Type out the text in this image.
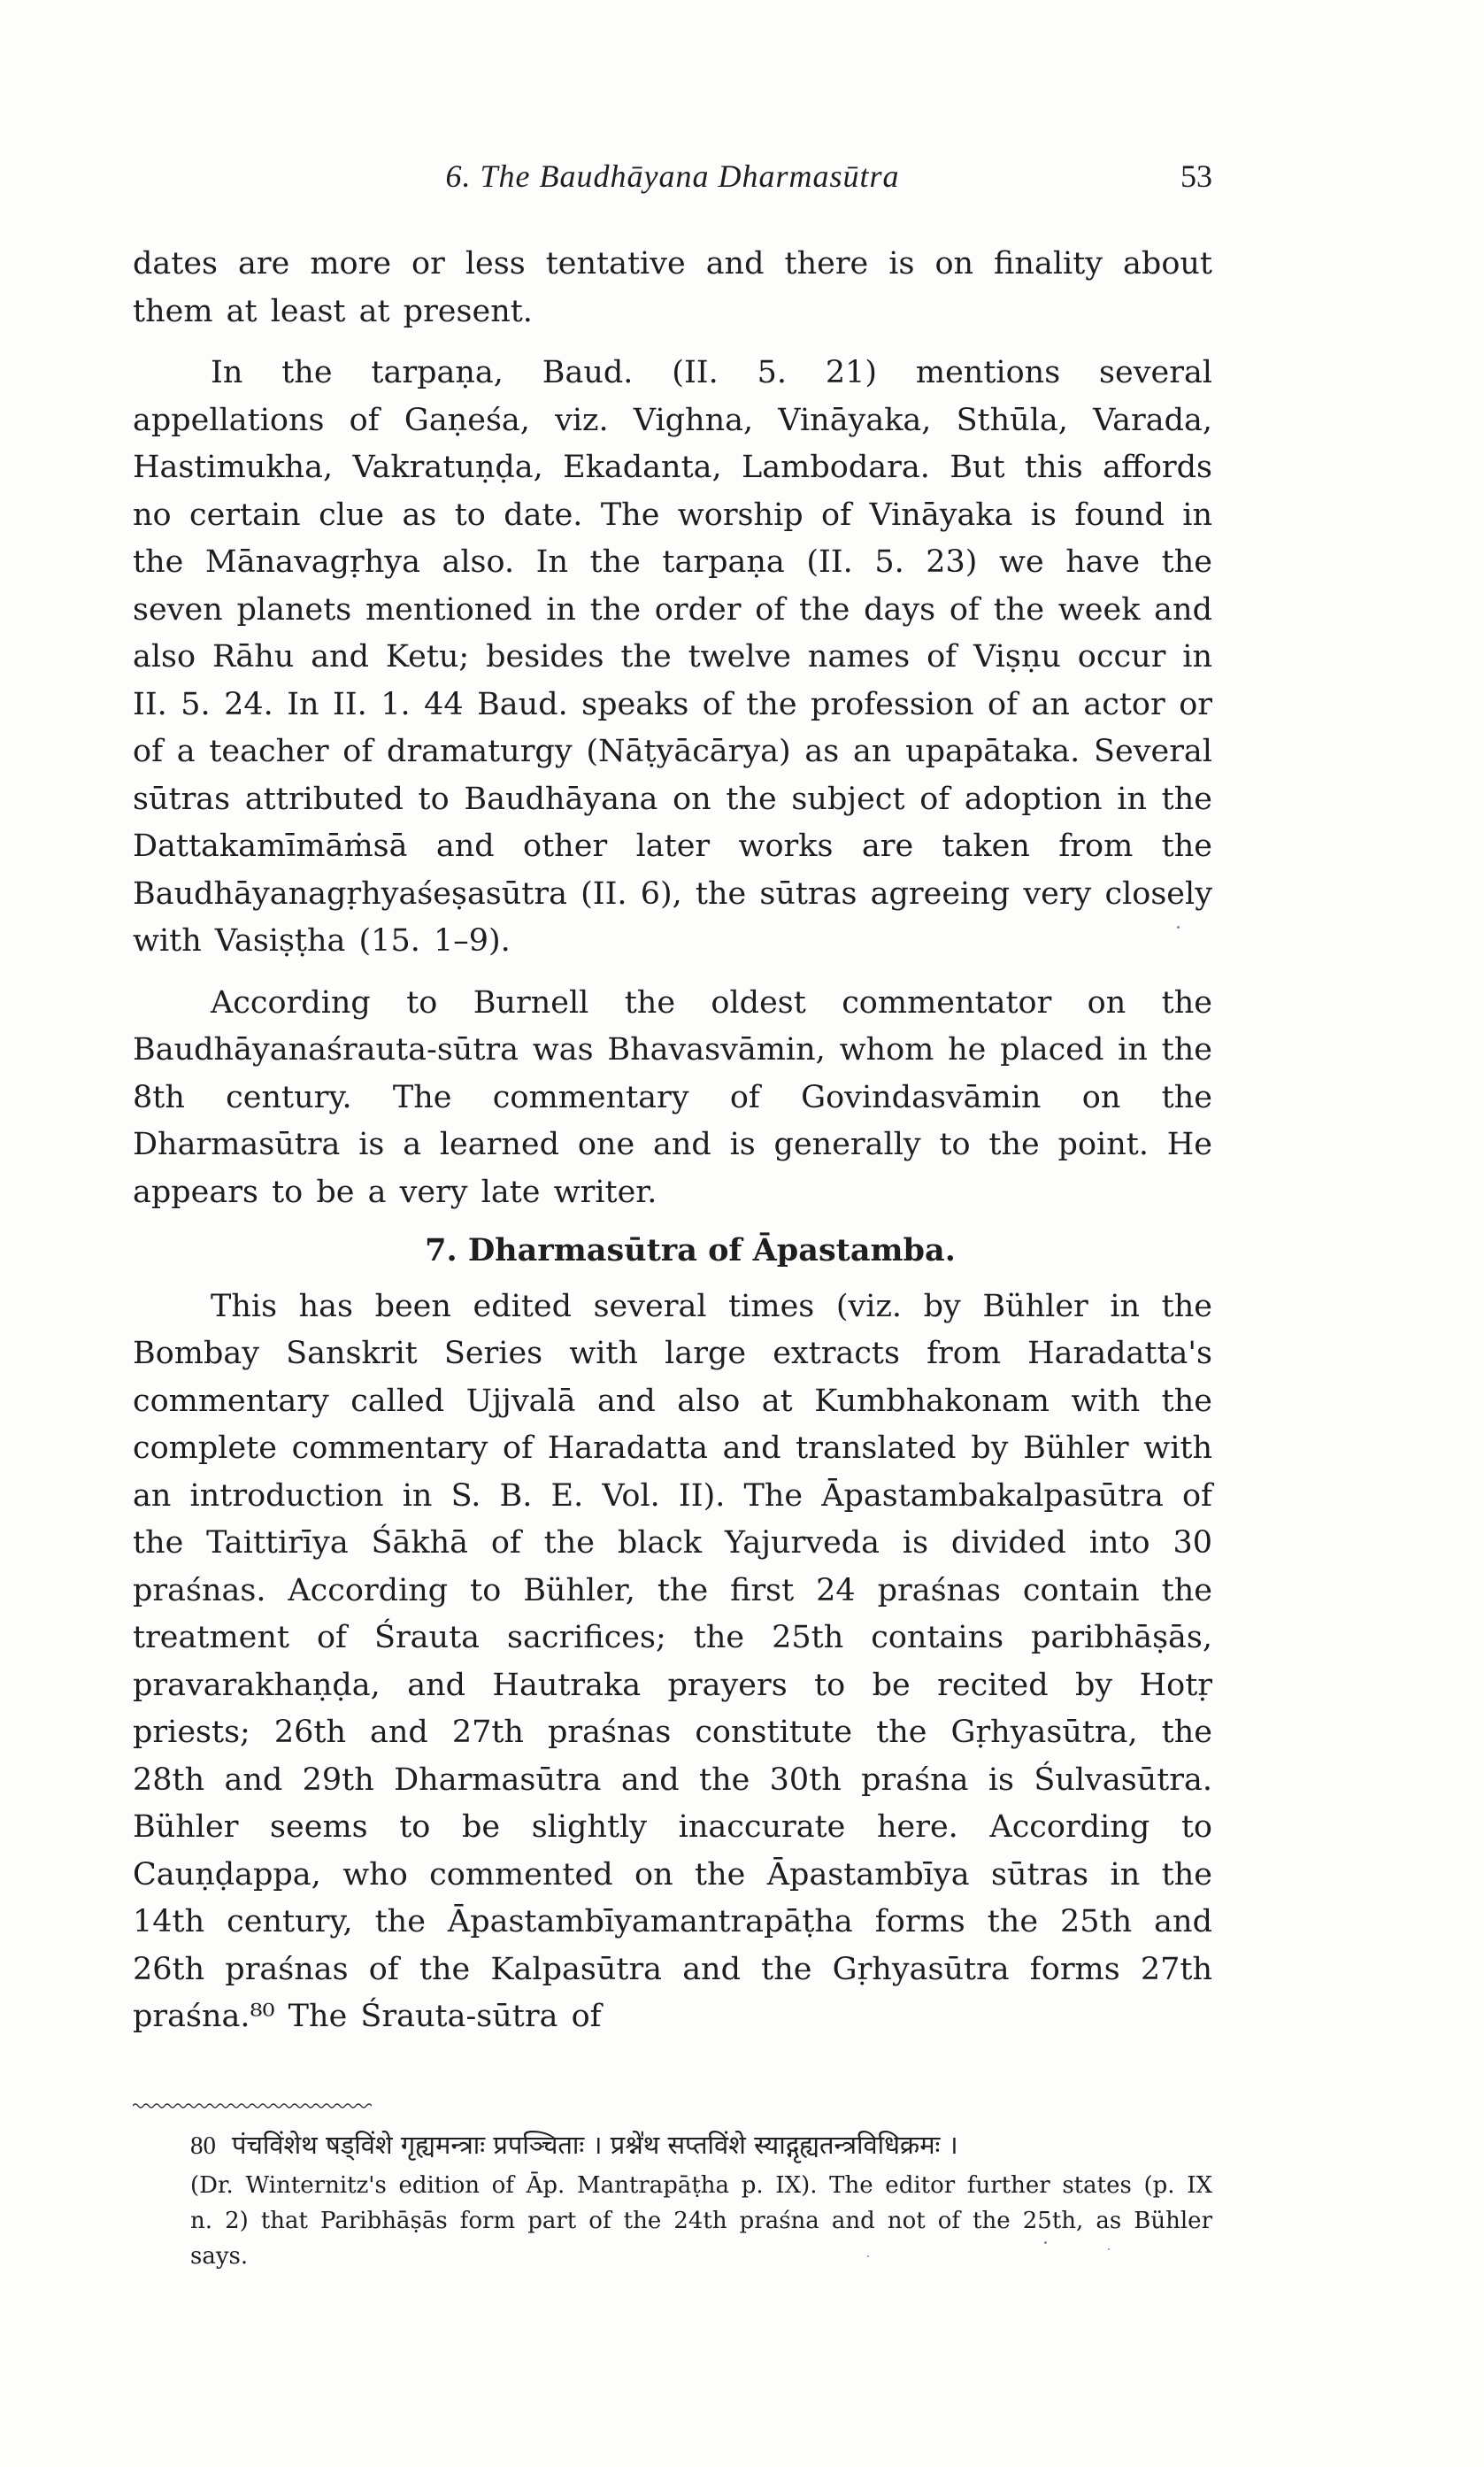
6. The Baudhāyana Dharmasūtra	53

dates are more or less tentative and there is on finality about them at least at present.

In the tarpaṇa, Baud. (II. 5. 21) mentions several appellations of Gaṇeśa, viz. Vighna, Vināyaka, Sthūla, Varada, Hastimukha, Vakratuṇḍa, Ekadanta, Lambodara. But this affords no certain clue as to date. The worship of Vināyaka is found in the Mānavagṛhya also. In the tarpaṇa (II. 5. 23) we have the seven planets mentioned in the order of the days of the week and also Rāhu and Ketu; besides the twelve names of Viṣṇu occur in II. 5. 24. In II. 1. 44 Baud. speaks of the profession of an actor or of a teacher of dramaturgy (Nāṭyācārya) as an upapātaka. Several sūtras attributed to Baudhāyana on the subject of adoption in the Dattakamīmāṁsā and other later works are taken from the Baudhāyanagṛhyaśeṣasūtra (II. 6), the sūtras agreeing very closely with Vasiṣṭha (15. 1–9).

According to Burnell the oldest commentator on the Baudhāyanaśrauta-sūtra was Bhavasvāmin, whom he placed in the 8th century. The commentary of Govindasvāmin on the Dharmasūtra is a learned one and is generally to the point. He appears to be a very late writer.

7. Dharmasūtra of Āpastamba.

This has been edited several times (viz. by Bühler in the Bombay Sanskrit Series with large extracts from Haradatta's commentary called Ujjvalā and also at Kumbhakonam with the complete commentary of Haradatta and translated by Bühler with an introduction in S. B. E. Vol. II). The Āpastambakalpasūtra of the Taittirīya Śākhā of the black Yajurveda is divided into 30 praśnas. According to Bühler, the first 24 praśnas contain the treatment of Śrauta sacrifices; the 25th contains paribhāṣās, pravarakhaṇḍa, and Hautraka prayers to be recited by Hotṛ priests; 26th and 27th praśnas constitute the Gṛhyasūtra, the 28th and 29th Dharmasūtra and the 30th praśna is Śulvasūtra. Bühler seems to be slightly inaccurate here. According to Cauṇḍappa, who commented on the Āpastambīya sūtras in the 14th century, the Āpastambīyamantrapāṭha forms the 25th and 26th praśnas of the Kalpasūtra and the Gṛhyasūtra forms 27th praśna.⁸⁰ The Śrauta-sūtra of

80 पंचविंशेथ षड्विंशे गृह्यमन्त्राः प्रपञ्चिताः । प्रश्ने॑थ सप्तविंशे स्याद्गृह्यतन्त्रविधिक्रमः ।

(Dr. Winternitz's edition of Āp. Mantrapāṭha p. IX). The editor further states (p. IX n. 2) that Paribhāṣās form part of the 24th praśna and not of the 25th, as Bühler says.
